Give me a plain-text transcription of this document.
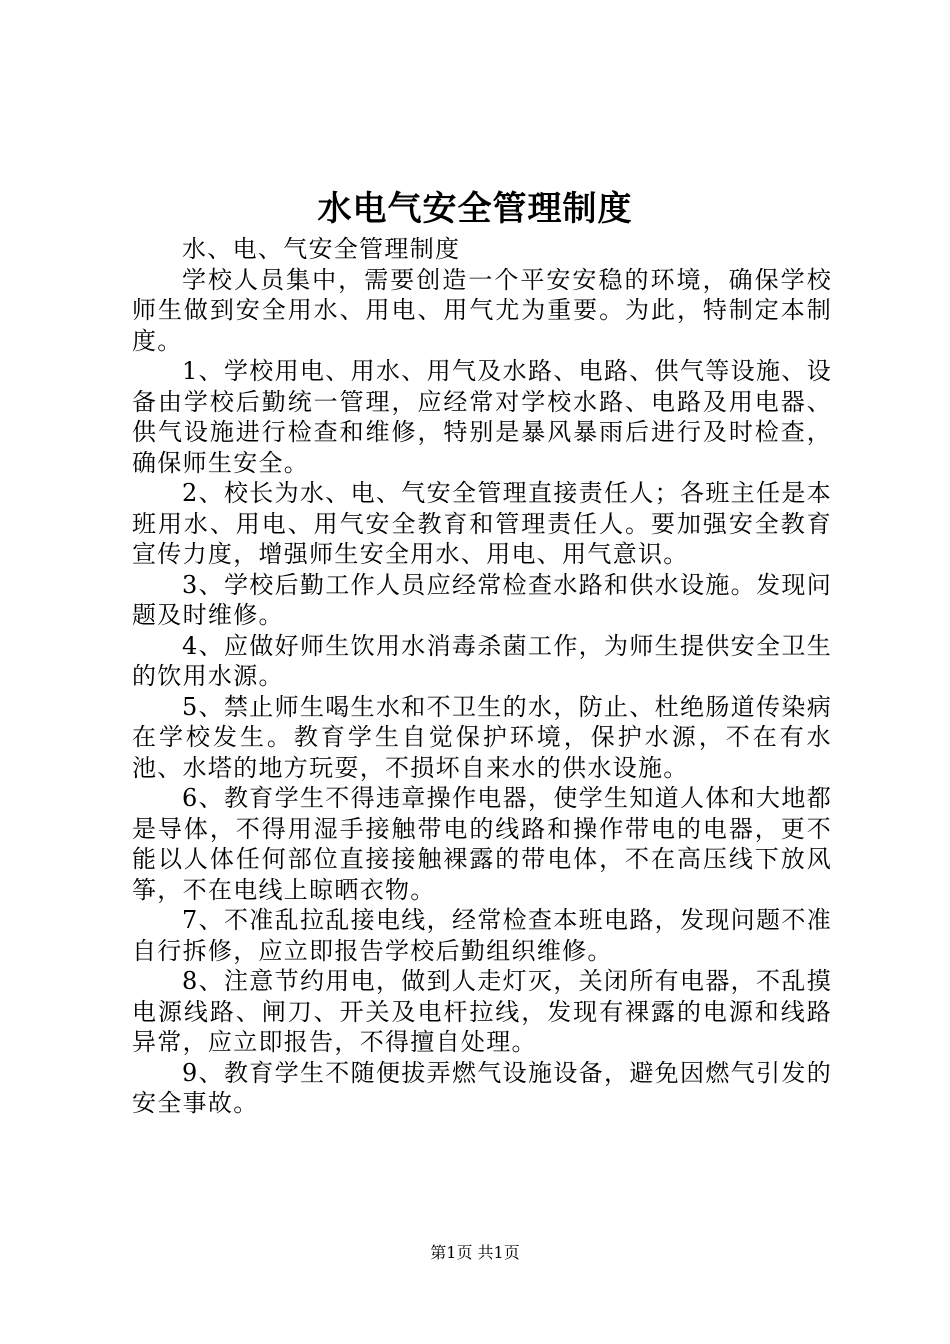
水电气安全管理制度

水、电、气安全管理制度

学校人员集中，需要创造一个平安安稳的环境，确保学校师生做到安全用水、用电、用气尤为重要。为此，特制定本制度。

1、学校用电、用水、用气及水路、电路、供气等设施、设备由学校后勤统一管理，应经常对学校水路、电路及用电器、供气设施进行检查和维修，特别是暴风暴雨后进行及时检查，确保师生安全。

2、校长为水、电、气安全管理直接责任人；各班主任是本班用水、用电、用气安全教育和管理责任人。要加强安全教育宣传力度，增强师生安全用水、用电、用气意识。

3、学校后勤工作人员应经常检查水路和供水设施。发现问题及时维修。

4、应做好师生饮用水消毒杀菌工作，为师生提供安全卫生的饮用水源。

5、禁止师生喝生水和不卫生的水，防止、杜绝肠道传染病在学校发生。教育学生自觉保护环境，保护水源，不在有水池、水塔的地方玩耍，不损坏自来水的供水设施。

6、教育学生不得违章操作电器，使学生知道人体和大地都是导体，不得用湿手接触带电的线路和操作带电的电器，更不能以人体任何部位直接接触裸露的带电体，不在高压线下放风筝，不在电线上晾晒衣物。

7、不准乱拉乱接电线，经常检查本班电路，发现问题不准自行拆修，应立即报告学校后勤组织维修。

8、注意节约用电，做到人走灯灭，关闭所有电器，不乱摸电源线路、闸刀、开关及电杆拉线，发现有裸露的电源和线路异常，应立即报告，不得擅自处理。

9、教育学生不随便拔弄燃气设施设备，避免因燃气引发的安全事故。

第1页 共1页
